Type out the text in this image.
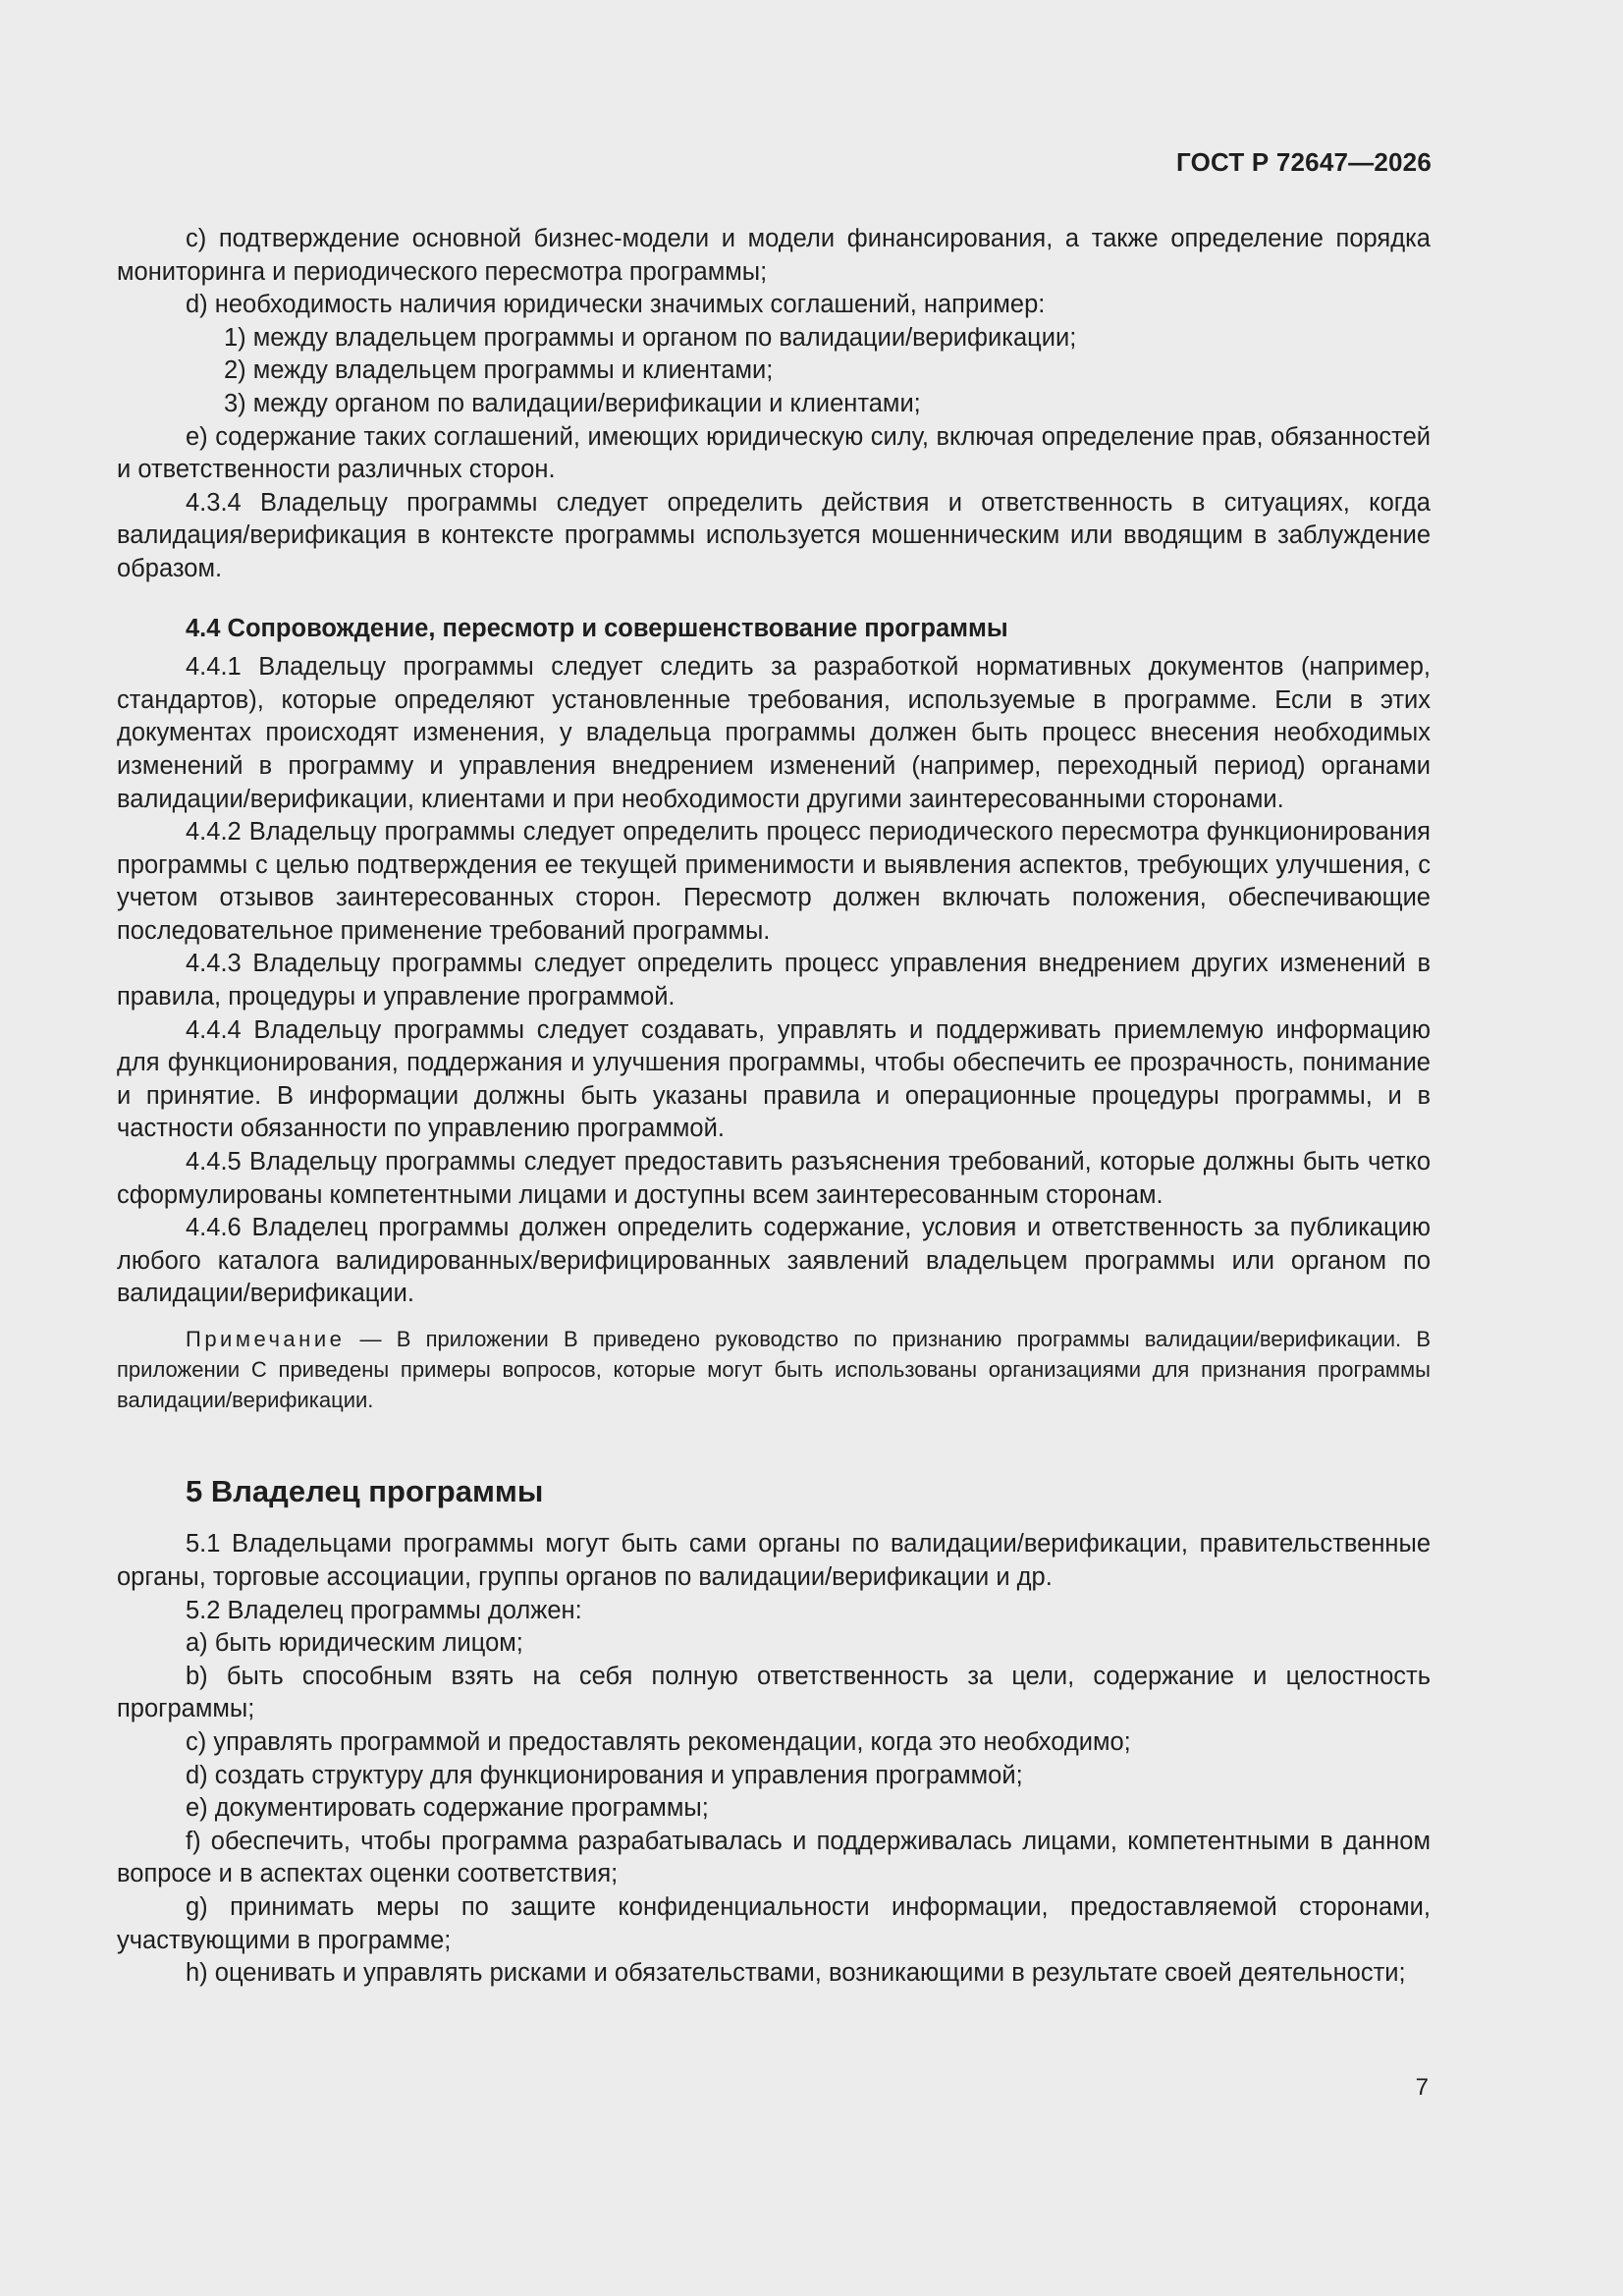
ГОСТ Р 72647—2026

c) подтверждение основной бизнес-модели и модели финансирования, а также определение порядка мониторинга и периодического пересмотра программы;

d) необходимость наличия юридически значимых соглашений, например:

1) между владельцем программы и органом по валидации/верификации;

2) между владельцем программы и клиентами;

3) между органом по валидации/верификации и клиентами;

e) содержание таких соглашений, имеющих юридическую силу, включая определение прав, обязанностей и ответственности различных сторон.

4.3.4 Владельцу программы следует определить действия и ответственность в ситуациях, когда валидация/верификация в контексте программы используется мошенническим или вводящим в заблуждение образом.

4.4 Сопровождение, пересмотр и совершенствование программы

4.4.1 Владельцу программы следует следить за разработкой нормативных документов (например, стандартов), которые определяют установленные требования, используемые в программе. Если в этих документах происходят изменения, у владельца программы должен быть процесс внесения необходимых изменений в программу и управления внедрением изменений (например, переходный период) органами валидации/верификации, клиентами и при необходимости другими заинтересованными сторонами.

4.4.2 Владельцу программы следует определить процесс периодического пересмотра функционирования программы с целью подтверждения ее текущей применимости и выявления аспектов, требующих улучшения, с учетом отзывов заинтересованных сторон. Пересмотр должен включать положения, обеспечивающие последовательное применение требований программы.

4.4.3 Владельцу программы следует определить процесс управления внедрением других изменений в правила, процедуры и управление программой.

4.4.4 Владельцу программы следует создавать, управлять и поддерживать приемлемую информацию для функционирования, поддержания и улучшения программы, чтобы обеспечить ее прозрачность, понимание и принятие. В информации должны быть указаны правила и операционные процедуры программы, и в частности обязанности по управлению программой.

4.4.5 Владельцу программы следует предоставить разъяснения требований, которые должны быть четко сформулированы компетентными лицами и доступны всем заинтересованным сторонам.

4.4.6 Владелец программы должен определить содержание, условия и ответственность за публикацию любого каталога валидированных/верифицированных заявлений владельцем программы или органом по валидации/верификации.

Примечание — В приложении B приведено руководство по признанию программы валидации/верификации. В приложении C приведены примеры вопросов, которые могут быть использованы организациями для признания программы валидации/верификации.

5 Владелец программы

5.1 Владельцами программы могут быть сами органы по валидации/верификации, правительственные органы, торговые ассоциации, группы органов по валидации/верификации и др.

5.2 Владелец программы должен:

a) быть юридическим лицом;

b) быть способным взять на себя полную ответственность за цели, содержание и целостность программы;

c) управлять программой и предоставлять рекомендации, когда это необходимо;

d) создать структуру для функционирования и управления программой;

e) документировать содержание программы;

f) обеспечить, чтобы программа разрабатывалась и поддерживалась лицами, компетентными в данном вопросе и в аспектах оценки соответствия;

g) принимать меры по защите конфиденциальности информации, предоставляемой сторонами, участвующими в программе;

h) оценивать и управлять рисками и обязательствами, возникающими в результате своей деятельности;

7
